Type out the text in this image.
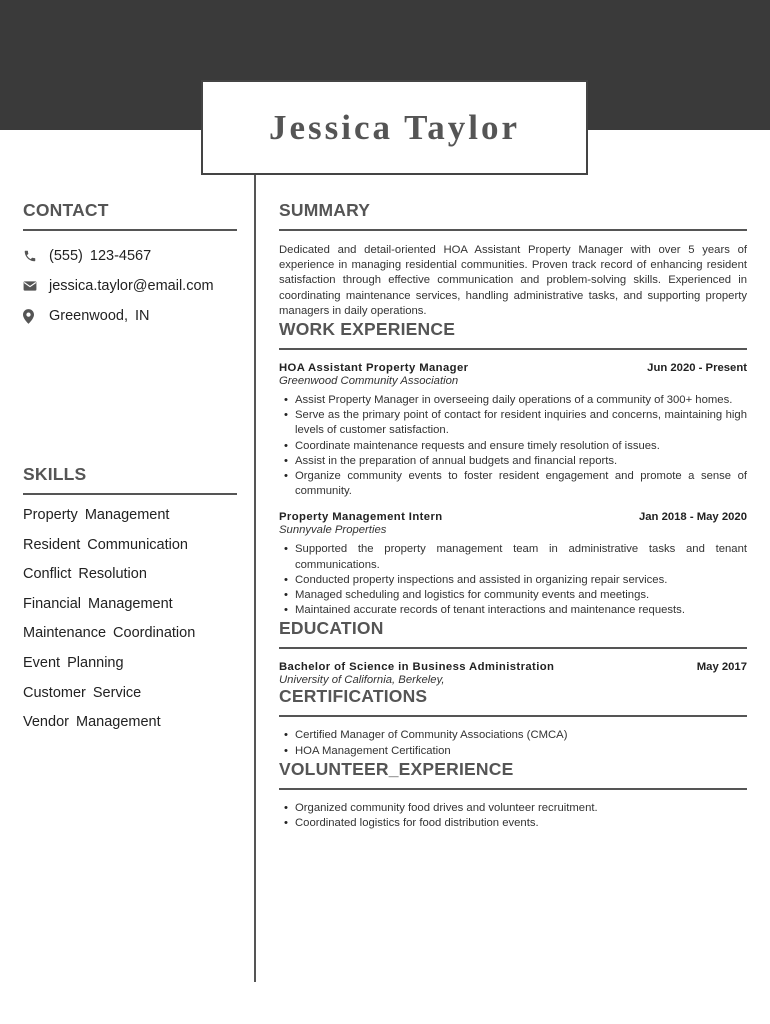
Jessica Taylor
CONTACT
(555) 123-4567
jessica.taylor@email.com
Greenwood, IN
SKILLS
Property Management
Resident Communication
Conflict Resolution
Financial Management
Maintenance Coordination
Event Planning
Customer Service
Vendor Management
SUMMARY

Dedicated and detail-oriented HOA Assistant Property Manager with over 5 years of experience in managing residential communities. Proven track record of enhancing resident satisfaction through effective communication and problem-solving skills. Experienced in coordinating maintenance services, handling administrative tasks, and supporting property managers in daily operations.

WORK EXPERIENCE
HOA Assistant Property Manager	Jun 2020 - Present
Greenwood Community Association
• Assist Property Manager in overseeing daily operations of a community of 300+ homes.
• Serve as the primary point of contact for resident inquiries and concerns, maintaining high levels of customer satisfaction.
• Coordinate maintenance requests and ensure timely resolution of issues.
• Assist in the preparation of annual budgets and financial reports.
• Organize community events to foster resident engagement and promote a sense of community.
Property Management Intern	Jan 2018 - May 2020
Sunnyvale Properties
• Supported the property management team in administrative tasks and tenant communications.
• Conducted property inspections and assisted in organizing repair services.
• Managed scheduling and logistics for community events and meetings.
• Maintained accurate records of tenant interactions and maintenance requests.
EDUCATION
Bachelor of Science in Business Administration	May 2017
University of California, Berkeley,
CERTIFICATIONS
• Certified Manager of Community Associations (CMCA)
• HOA Management Certification
VOLUNTEER_EXPERIENCE
• Organized community food drives and volunteer recruitment.
• Coordinated logistics for food distribution events.
